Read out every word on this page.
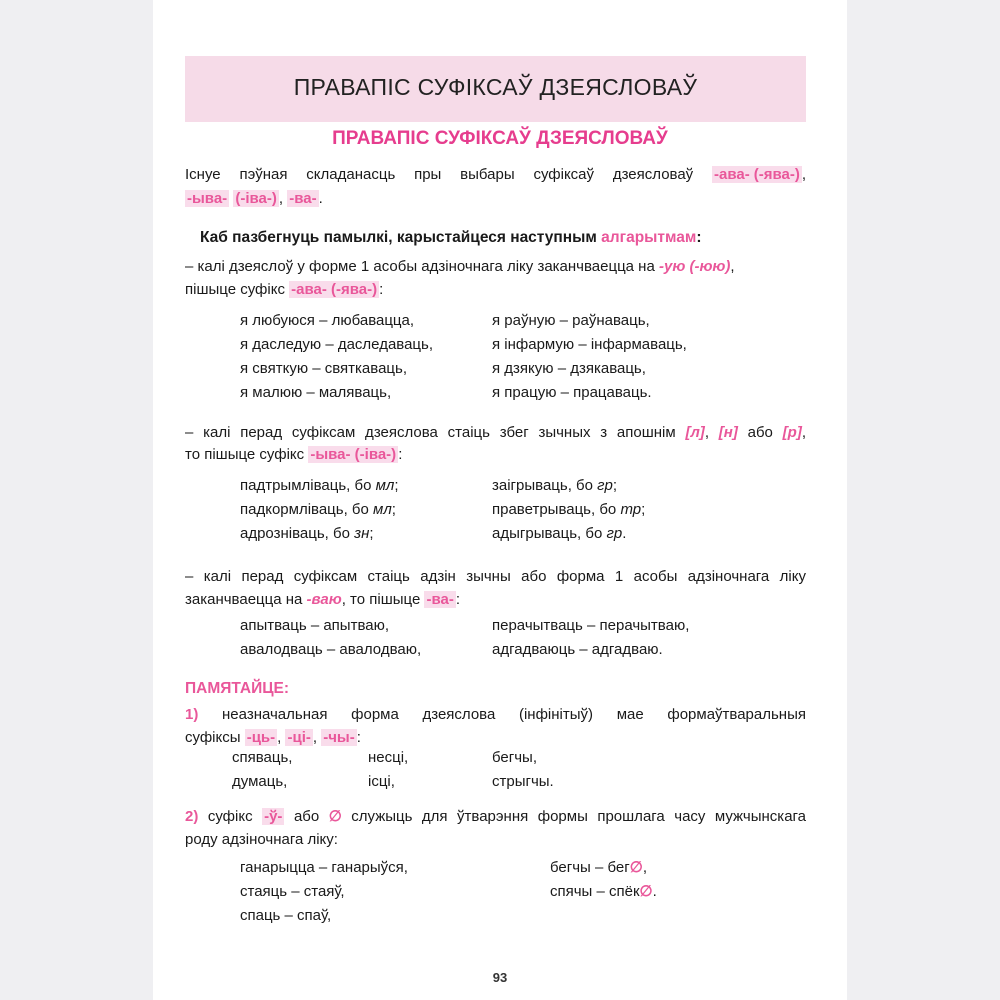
ПРАВАПІС СУФІКСАЎ ДЗЕЯСЛОВАЎ
ПРАВАПІС СУФІКСАЎ ДЗЕЯСЛОВАЎ
Існуе пэўная складанасць пры выбары суфіксаў дзеясловаў -ава- (-ява-) ,
-ыва- (-іва-) , -ва- .
Каб пазбегнуць памылкі, карыстайцеся наступным алгарытмам:
– калі дзеяслоў у форме 1 асобы адзіночнага ліку заканчваецца на -ую (-юю),
пішыце суфікс -ава- (-ява-) :
я любуюся – любавацца,
я даследую – даследаваць,
я святкую – святкаваць,
я малюю – маляваць,
я раўную – раўнаваць,
я інфармую – інфармаваць,
я дзякую – дзякаваць,
я працую – працаваць.
– калі перад суфіксам дзеяслова стаіць збег зычных з апошнім [л], [н] або [р],
то пішыце суфікс -ыва- (-іва-) :
падтрымліваць, бо мл;
падкормліваць, бо мл;
адрозніваць, бо зн;
заігрываць, бо гр;
праветрываць, бо тр;
адыгрываць, бо гр.
– калі перад суфіксам стаіць адзін зычны або форма 1 асобы адзіночнага ліку
заканчваецца на -ваю, то пішыце -ва- :
апытваць – апытваю,
авалодваць – авалодваю,
перачытваць – перачытваю,
адгадваюць – адгадваю.
ПАМЯТАЙЦЕ:
1) неазначальная форма дзеяслова (інфінітыў) мае формаўтваральныя
суфіксы -ць- , -ці- , -чы- :
спяваць,
думаць,
несці,
ісці,
бегчы,
стрыгчы.
2) суфікс -ў- або ∅ служыць для ўтварэння формы прошлага часу мужчынскага
роду адзіночнага ліку:
ганарыцца – ганарыўся,
стаяць – стаяў,
спаць – спаў,
бегчы – бег∅,
спячы – спёк∅.
93
